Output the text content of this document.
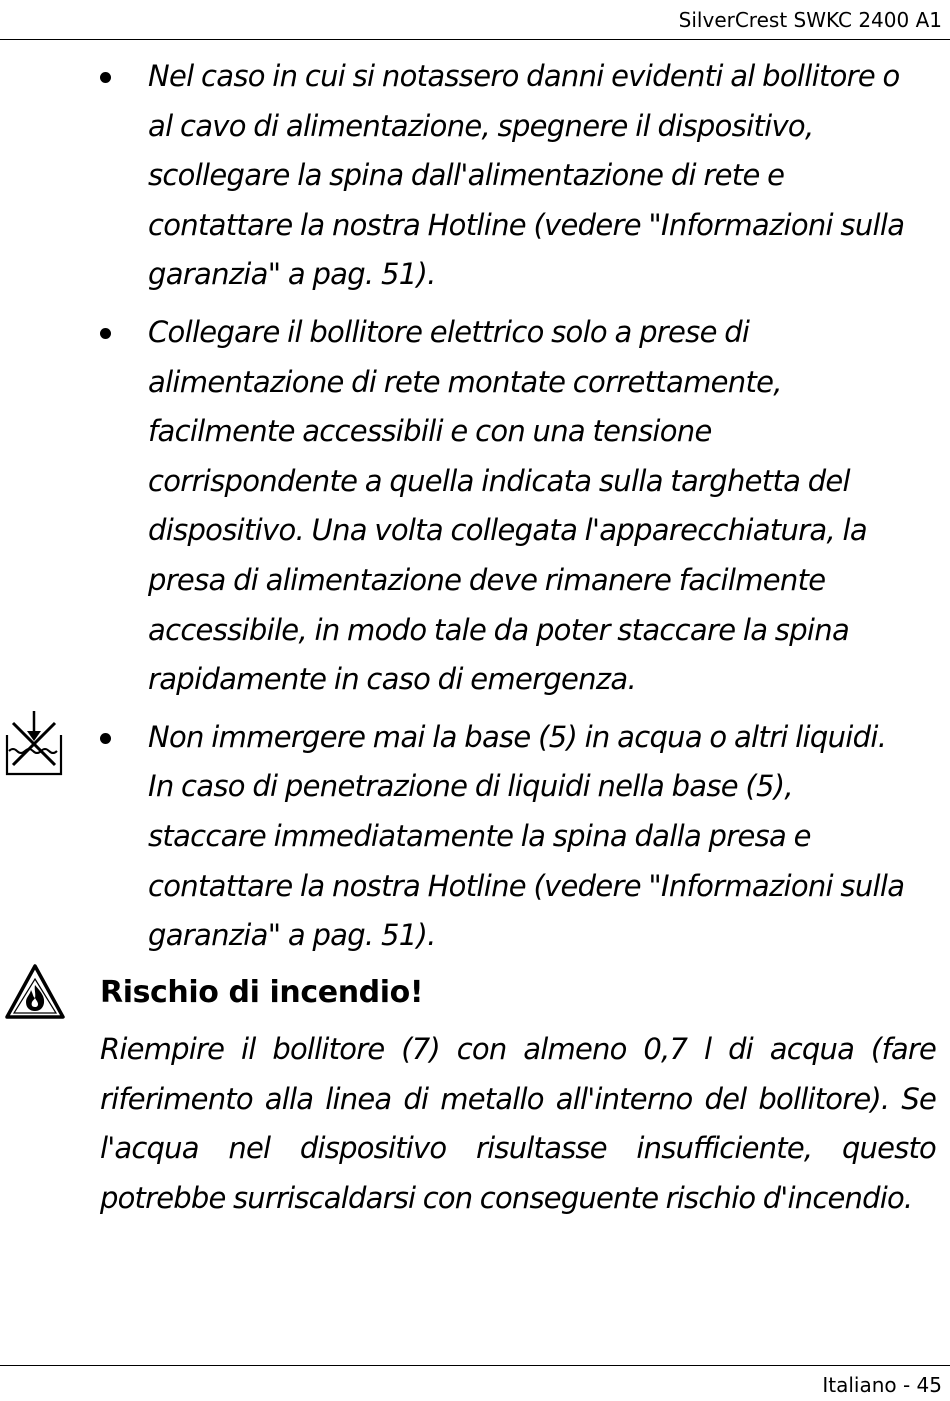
SilverCrest SWKC 2400 A1
Nel caso in cui si notassero danni evidenti al bollitore o al cavo di alimentazione, spegnere il dispositivo, scollegare la spina dall'alimentazione di rete e contattare la nostra Hotline (vedere "Informazioni sulla garanzia" a pag. 51).
Collegare il bollitore elettrico solo a prese di alimentazione di rete montate correttamente, facilmente accessibili e con una tensione corrispondente a quella indicata sulla targhetta del dispositivo. Una volta collegata l'apparecchiatura, la presa di alimentazione deve rimanere facilmente accessibile, in modo tale da poter staccare la spina rapidamente in caso di emergenza.
Non immergere mai la base (5) in acqua o altri liquidi. In caso di penetrazione di liquidi nella base (5), staccare immediatamente la spina dalla presa e contattare la nostra Hotline (vedere "Informazioni sulla garanzia" a pag. 51).
Rischio di incendio!

Riempire il bollitore (7) con almeno 0,7 l di acqua (fare riferimento alla linea di metallo all'interno del bollitore). Se l'acqua nel dispositivo risultasse insufficiente, questo potrebbe surriscaldarsi con conseguente rischio d'incendio.

Italiano - 45
